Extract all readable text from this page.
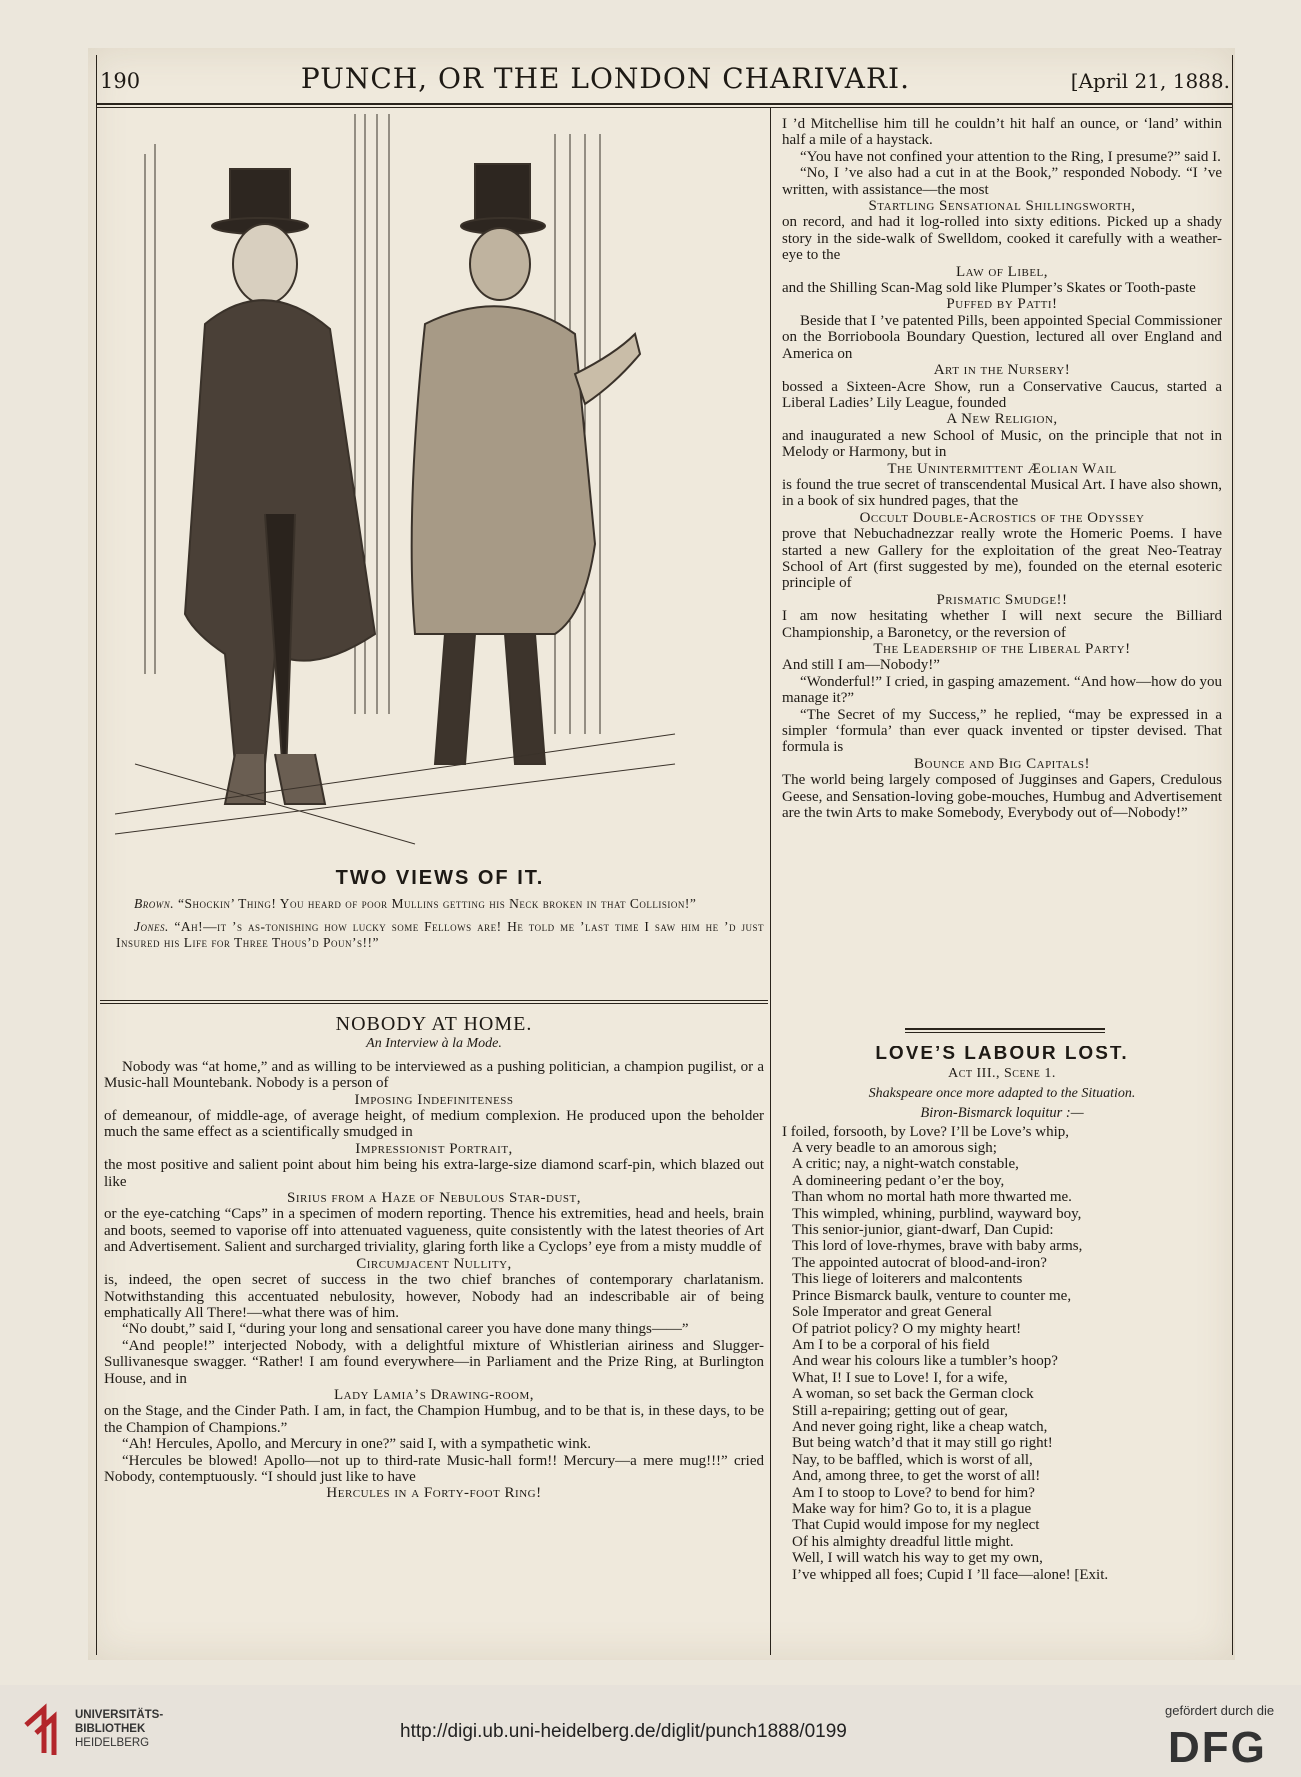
190	PUNCH, OR THE LONDON CHARIVARI.	[April 21, 1888.
TWO VIEWS OF IT.

Brown. “Shockin’ Thing! You heard of poor Mullins getting his Neck broken in that Collision!”

Jones. “Ah!—it ’s as-tonishing how lucky some Fellows are! He told me ’last time I saw him he ’d just Insured his Life for Three Thous’d Poun’s!!”

NOBODY AT HOME.
An Interview à la Mode.

Nobody was “at home,” and as willing to be interviewed as a pushing politician, a champion pugilist, or a Music-hall Mountebank. Nobody is a person of

Imposing Indefiniteness

of demeanour, of middle-age, of average height, of medium complexion. He produced upon the beholder much the same effect as a scientifically smudged in

Impressionist Portrait,

the most positive and salient point about him being his extra-large-size diamond scarf-pin, which blazed out like

Sirius from a Haze of Nebulous Star-dust,

or the eye-catching “Caps” in a specimen of modern reporting. Thence his extremities, head and heels, brain and boots, seemed to vaporise off into attenuated vagueness, quite consistently with the latest theories of Art and Advertisement. Salient and surcharged triviality, glaring forth like a Cyclops’ eye from a misty muddle of

Circumjacent Nullity,

is, indeed, the open secret of success in the two chief branches of contemporary charlatanism. Notwithstanding this accentuated nebulosity, however, Nobody had an indescribable air of being emphatically All There!—what there was of him.

“No doubt,” said I, “during your long and sensational career you have done many things——”

“And people!” interjected Nobody, with a delightful mixture of Whistlerian airiness and Slugger-Sullivanesque swagger. “Rather! I am found everywhere—in Parliament and the Prize Ring, at Burlington House, and in

Lady Lamia’s Drawing-room,

on the Stage, and the Cinder Path. I am, in fact, the Champion Humbug, and to be that is, in these days, to be the Champion of Champions.”

“Ah! Hercules, Apollo, and Mercury in one?” said I, with a sympathetic wink.

“Hercules be blowed! Apollo—not up to third-rate Music-hall form!! Mercury—a mere mug!!!” cried Nobody, contemptuously. “I should just like to have

Hercules in a Forty-foot Ring!

I ’d Mitchellise him till he couldn’t hit half an ounce, or ‘land’ within half a mile of a haystack.

“You have not confined your attention to the Ring, I presume?” said I.

“No, I ’ve also had a cut in at the Book,” responded Nobody. “I ’ve written, with assistance—the most

Startling Sensational Shillingsworth,

on record, and had it log-rolled into sixty editions. Picked up a shady story in the side-walk of Swelldom, cooked it carefully with a weather-eye to the

Law of Libel,

and the Shilling Scan-Mag sold like Plumper’s Skates or Tooth-paste

Puffed by Patti!

Beside that I ’ve patented Pills, been appointed Special Commissioner on the Borrioboola Boundary Question, lectured all over England and America on

Art in the Nursery!

bossed a Sixteen-Acre Show, run a Conservative Caucus, started a Liberal Ladies’ Lily League, founded

A New Religion,

and inaugurated a new School of Music, on the principle that not in Melody or Harmony, but in

The Unintermittent Æolian Wail

is found the true secret of transcendental Musical Art. I have also shown, in a book of six hundred pages, that the

Occult Double-Acrostics of the Odyssey

prove that Nebuchadnezzar really wrote the Homeric Poems. I have started a new Gallery for the exploitation of the great Neo-Teatray School of Art (first suggested by me), founded on the eternal esoteric principle of

Prismatic Smudge!!

I am now hesitating whether I will next secure the Billiard Championship, a Baronetcy, or the reversion of

The Leadership of the Liberal Party!

And still I am—Nobody!”

“Wonderful!” I cried, in gasping amazement. “And how—how do you manage it?”

“The Secret of my Success,” he replied, “may be expressed in a simpler ‘formula’ than ever quack invented or tipster devised. That formula is

Bounce and Big Capitals!

The world being largely composed of Jugginses and Gapers, Credulous Geese, and Sensation-loving gobe-mouches, Humbug and Advertisement are the twin Arts to make Somebody, Everybody out of—Nobody!”

LOVE’S LABOUR LOST.
Act III., Scene 1.
Shakspeare once more adapted to the Situation.
Biron-Bismarck loquitur :—

I foiled, forsooth, by Love? I’ll be Love’s whip,

A very beadle to an amorous sigh;

A critic; nay, a night-watch constable,

A domineering pedant o’er the boy,

Than whom no mortal hath more thwarted me.

This wimpled, whining, purblind, wayward boy,

This senior-junior, giant-dwarf, Dan Cupid:

This lord of love-rhymes, brave with baby arms,

The appointed autocrat of blood-and-iron?

This liege of loiterers and malcontents

Prince Bismarck baulk, venture to counter me,

Sole Imperator and great General

Of patriot policy? O my mighty heart!

Am I to be a corporal of his field

And wear his colours like a tumbler’s hoop?

What, I! I sue to Love! I, for a wife,

A woman, so set back the German clock

Still a-repairing; getting out of gear,

And never going right, like a cheap watch,

But being watch’d that it may still go right!

Nay, to be baffled, which is worst of all,

And, among three, to get the worst of all!

Am I to stoop to Love? to bend for him?

Make way for him? Go to, it is a plague

That Cupid would impose for my neglect

Of his almighty dreadful little might.

Well, I will watch his way to get my own,

I’ve whipped all foes; Cupid I ’ll face—alone! [Exit.

UNIVERSITÄTS-
BIBLIOTHEK
HEIDELBERG
http://digi.ub.uni-heidelberg.de/diglit/punch1888/0199
gefördert durch die
DFG
